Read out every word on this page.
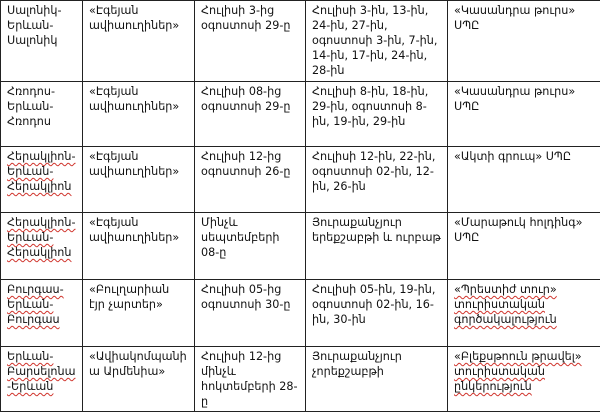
Սալոնիկ-Երևան-Սալոնիկ	«Էգեյան ավիաուղիներ»	Հուլիսի 3-ից օգոստոսի 29-ը	Հուլիսի 3-ին, 13-ին, 24-ին, 27-ին, օգոստոսի 3-ին, 7-ին, 14-ին, 17-ին, 24-ին, 28-ին	«Կասանդրա թուրս» ՍՊԸ
Հռոդոս-Երևան-Հռոդոս	«Էգեյան ավիաուղիներ»	Հուլիսի 08-ից օգոստոսի 29-ը	Հուլիսի 8-ին, 18-ին, 29-ին, օգոստոսի 8-ին, 19-ին, 29-ին	«Կասանդրա թուրս» ՍՊԸ
Հերակլիոն-Երևան-Հերակլիոն	«Էգեյան ավիաուղիներ»	Հուլիսի 12-ից օգոստոսի 26-ը	Հուլիսի 12-ին, 22-ին, օգոստոսի 02-ին, 12-ին, 26-ին	«Ակտի գրուպ» ՍՊԸ
Հերակլիոն-Երևան-Հերակլիոն	«Էգեյան ավիաուղիներ»	Մինչև սեպտեմբերի 08-ը	Յուրաքանչյուր երեքշաբթի և ուրբաթ	«Մարաթուկ հոլդինգ» ՍՊԸ
Բուրգաս-Երևան-Բուրգաս	«Բուլղարիան էյր չարտեր»	Հուլիսի 05-ից օգոստոսի 30-ը	Հուլիսի 05-ին, 19-ին, օգոստոսի 02-ին, 16-ին, 30-ին	«Պրեստիժ տուր» տուրիստական գործակալություն
Երևան-Բարսելոնա-Երևան	«Ավիակոմպանիա Արմենիա»	Հուլիսի 12-ից մինչև հոկտեմբերի 28-ը	Յուրաքանչյուր չորեքշաբթի	«Բլեքսթոուն թրավել» տուրիստական ընկերություն
